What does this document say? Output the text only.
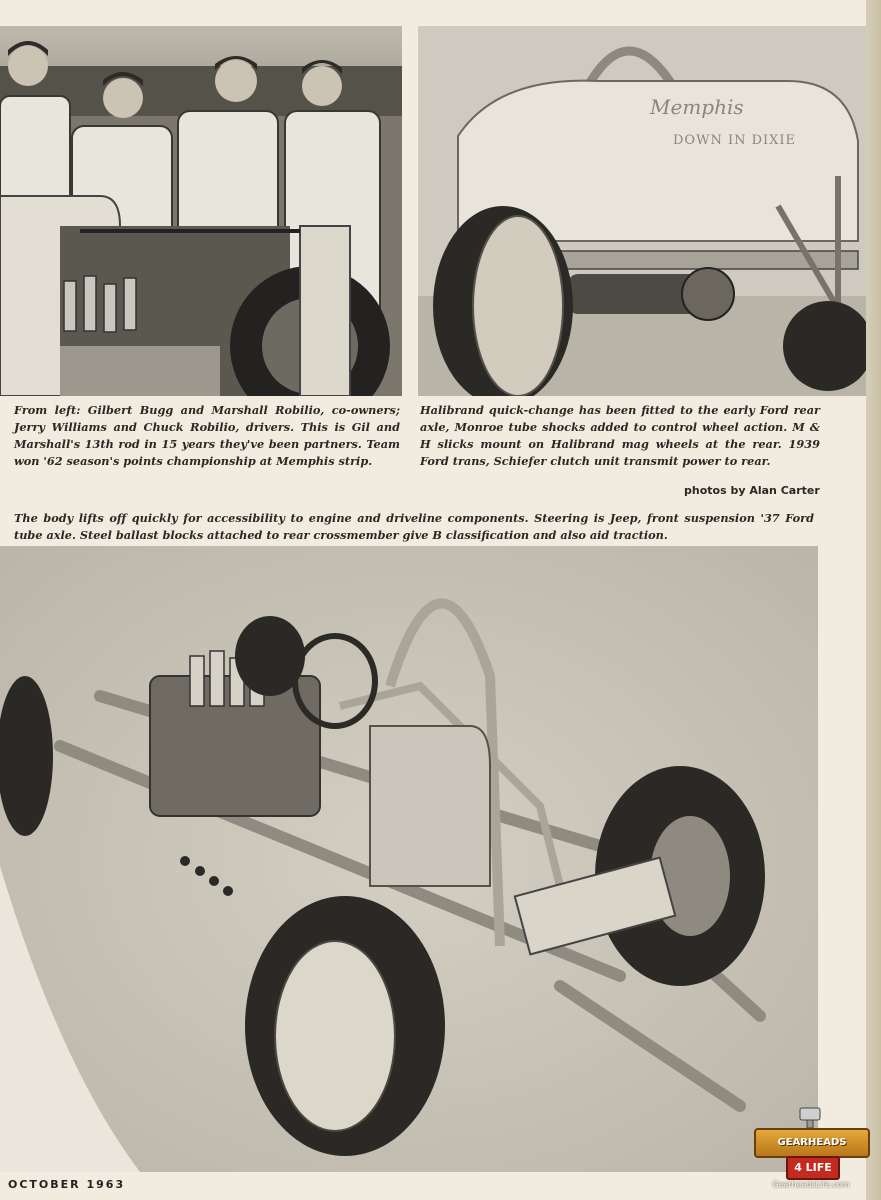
Memphis
DOWN IN DIXIE
From left: Gilbert Bugg and Marshall Robilio, co-owners; Jerry Williams and Chuck Robilio, drivers. This is Gil and Marshall's 13th rod in 15 years they've been partners. Team won '62 season's points championship at Memphis strip.
Halibrand quick-change has been fitted to the early Ford rear axle, Monroe tube shocks added to control wheel action. M & H slicks mount on Halibrand mag wheels at the rear. 1939 Ford trans, Schiefer clutch unit transmit power to rear.
photos by Alan Carter
The body lifts off quickly for accessibility to engine and driveline components. Steering is Jeep, front suspension '37 Ford tube axle. Steel ballast blocks attached to rear crossmember give B classification and also aid traction.
OCTOBER 1963
GEARHEADS
4 LIFE
GearheadsLife.com
